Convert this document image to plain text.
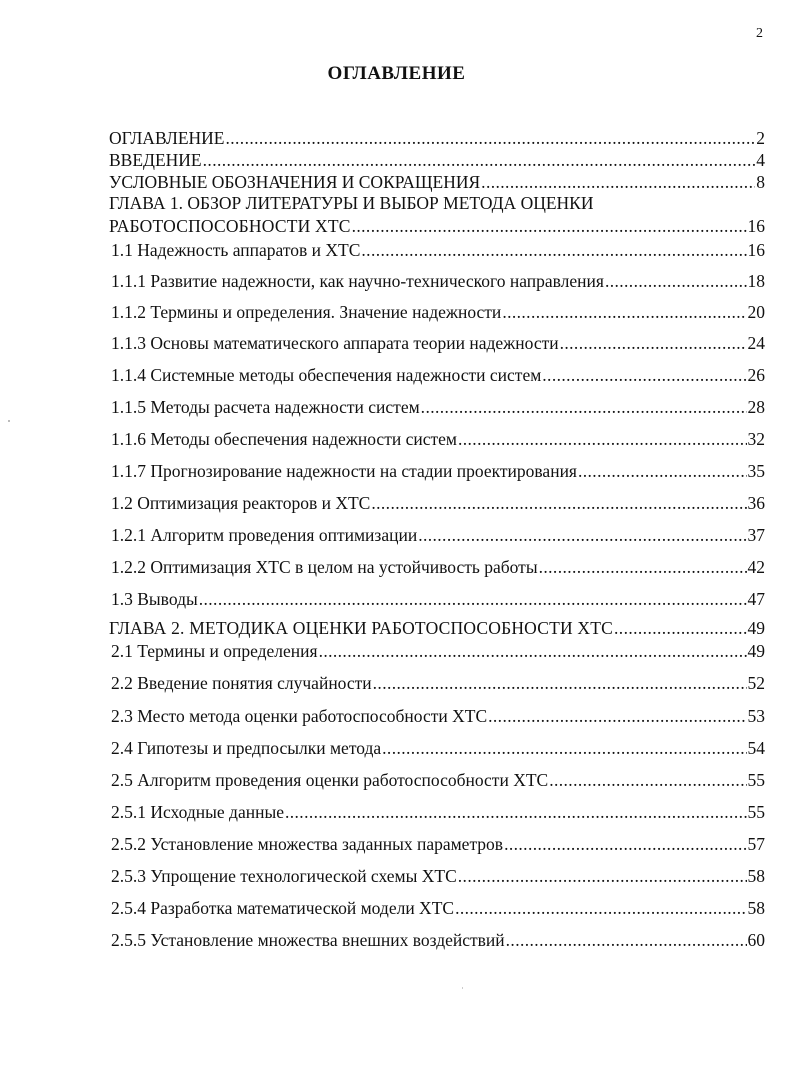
2
ОГЛАВЛЕНИЕ
ОГЛАВЛЕНИЕ .....	2
ВВЕДЕНИЕ .....	4
УСЛОВНЫЕ ОБОЗНАЧЕНИЯ И СОКРАЩЕНИЯ .....	8
ГЛАВА 1. ОБЗОР ЛИТЕРАТУРЫ И ВЫБОР МЕТОДА ОЦЕНКИ
РАБОТОСПОСОБНОСТИ ХТС .....	16
1.1 Надежность аппаратов и ХТС .....	16
1.1.1 Развитие надежности, как научно-технического направления .....	18
1.1.2 Термины и определения. Значение надежности .....	20
1.1.3 Основы математического аппарата теории надежности .....	24
1.1.4 Системные методы обеспечения надежности систем .....	26
1.1.5 Методы расчета надежности систем .....	28
1.1.6 Методы обеспечения надежности систем .....	32
1.1.7 Прогнозирование надежности на стадии проектирования .....	35
1.2 Оптимизация реакторов и ХТС .....	36
1.2.1 Алгоритм проведения оптимизации .....	37
1.2.2 Оптимизация ХТС в целом на устойчивость работы .....	42
1.3 Выводы .....	47
ГЛАВА 2. МЕТОДИКА ОЦЕНКИ РАБОТОСПОСОБНОСТИ ХТС .....	49
2.1 Термины и определения .....	49
2.2 Введение понятия случайности .....	52
2.3 Место метода оценки работоспособности ХТС .....	53
2.4 Гипотезы и предпосылки метода .....	54
2.5 Алгоритм проведения оценки работоспособности ХТС .....	55
2.5.1 Исходные данные .....	55
2.5.2 Установление множества заданных параметров .....	57
2.5.3 Упрощение технологической схемы ХТС .....	58
2.5.4 Разработка математической модели ХТС .....	58
2.5.5 Установление множества внешних воздействий .....	60
